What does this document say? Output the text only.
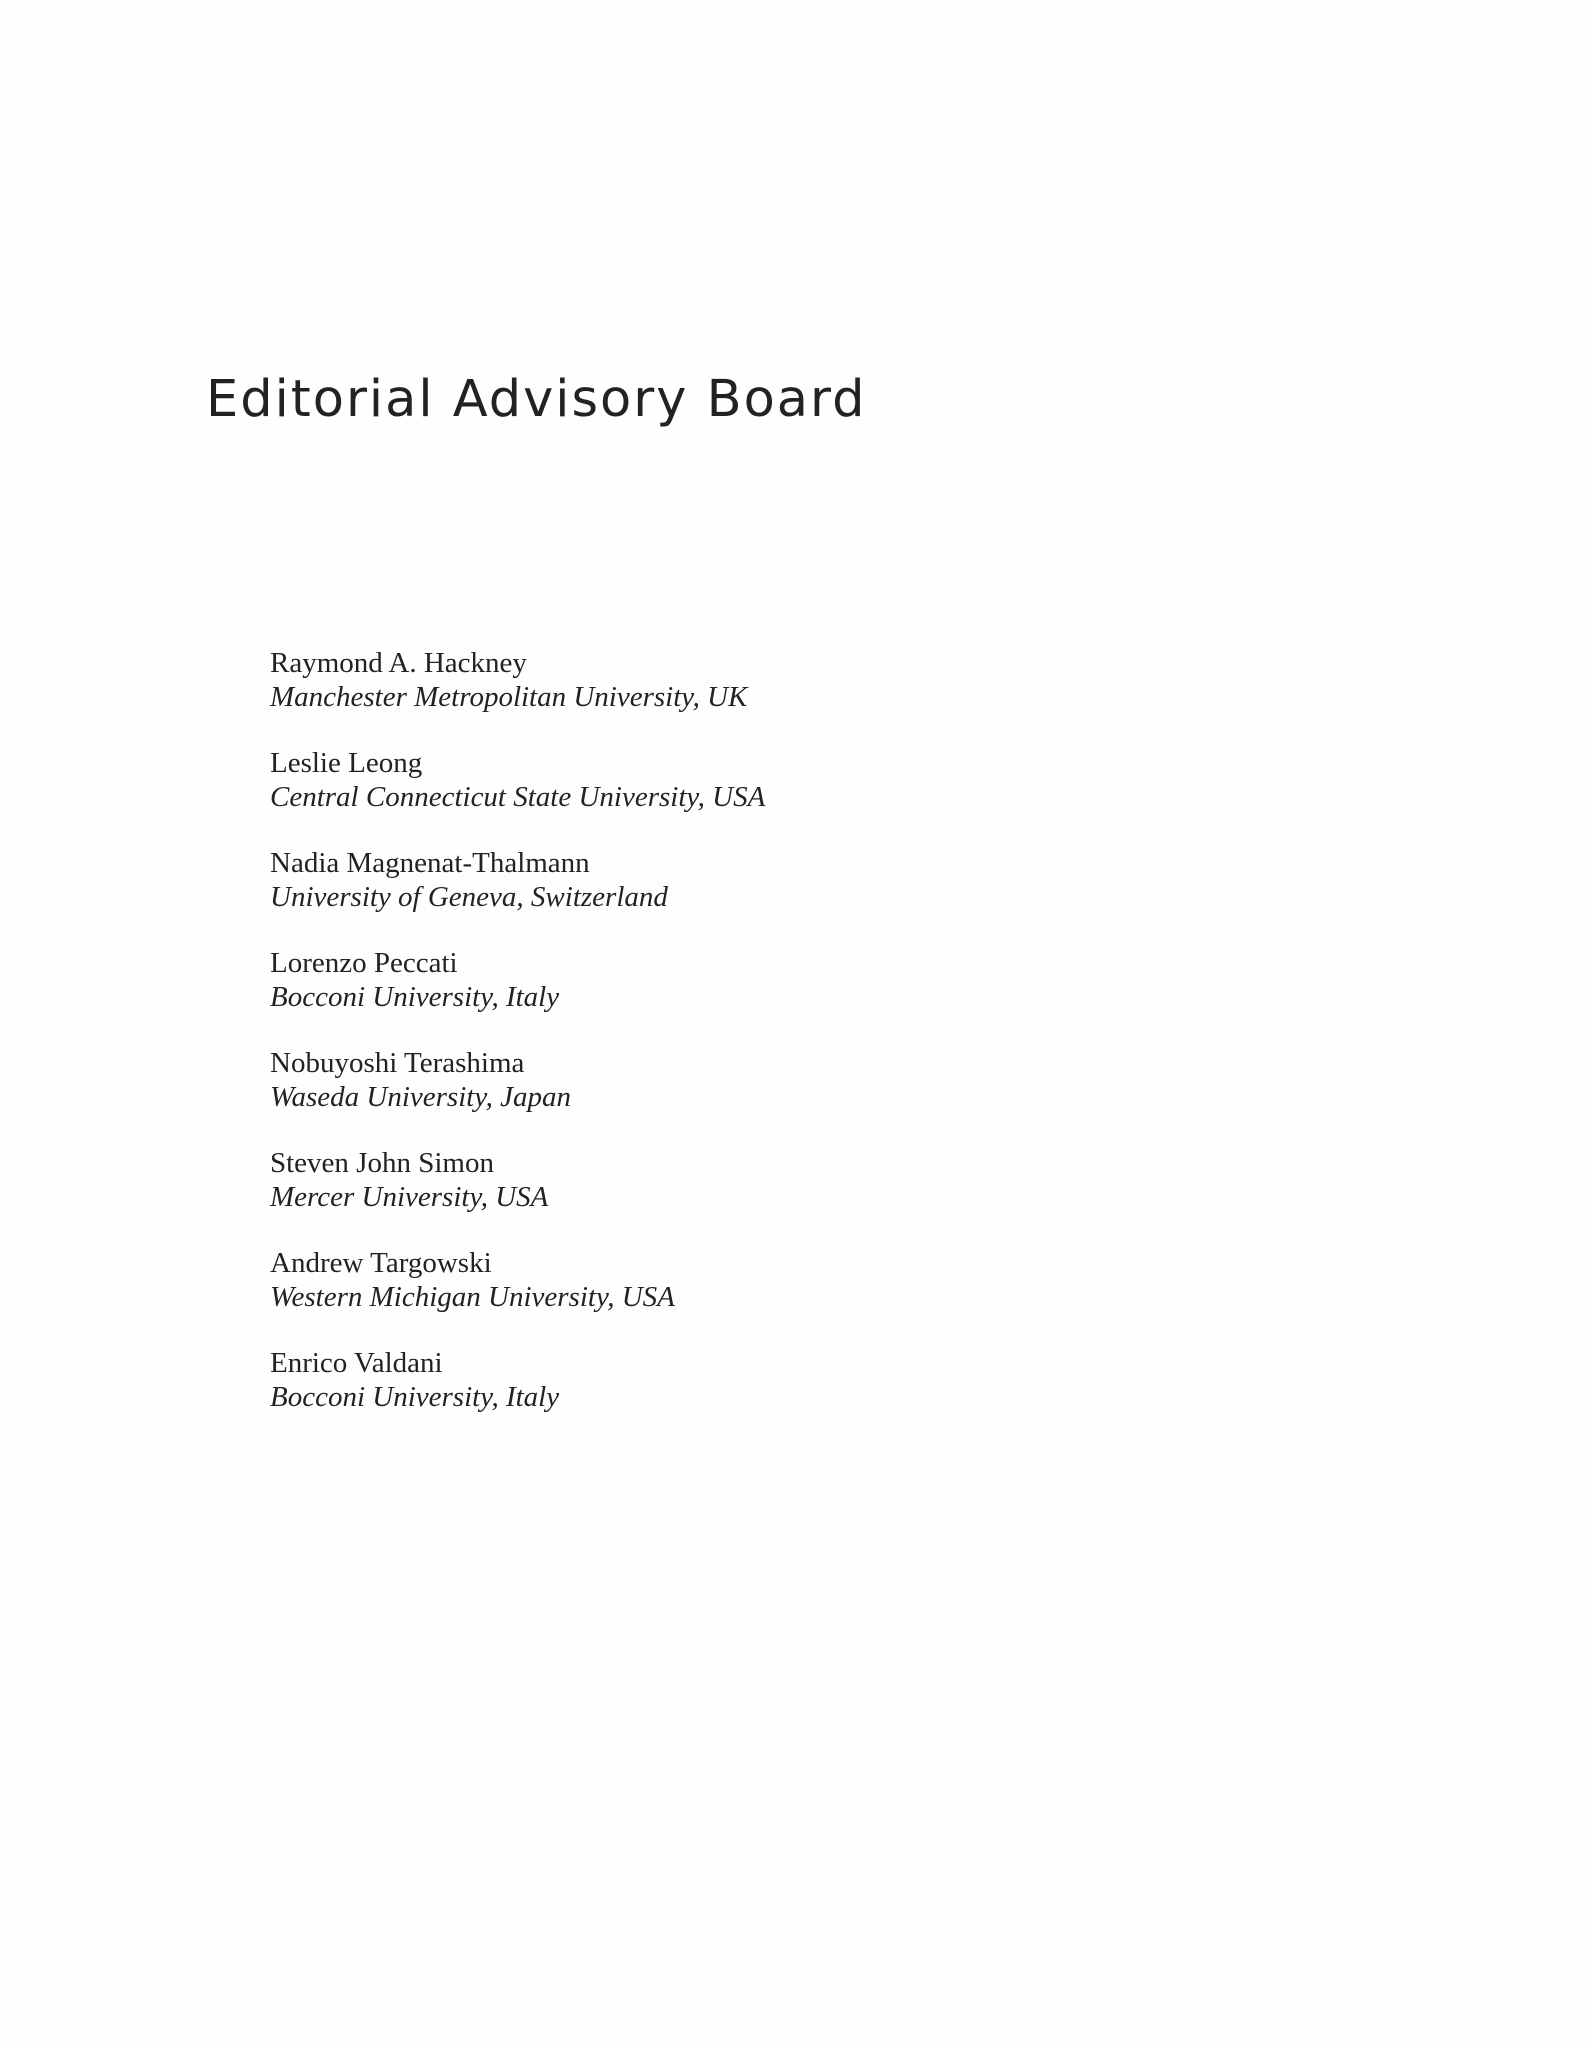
Editorial Advisory Board
Raymond A. Hackney
Manchester Metropolitan University, UK
Leslie Leong
Central Connecticut State University, USA
Nadia Magnenat-Thalmann
University of Geneva, Switzerland
Lorenzo Peccati
Bocconi University, Italy
Nobuyoshi Terashima
Waseda University, Japan
Steven John Simon
Mercer University, USA
Andrew Targowski
Western Michigan University, USA
Enrico Valdani
Bocconi University, Italy
